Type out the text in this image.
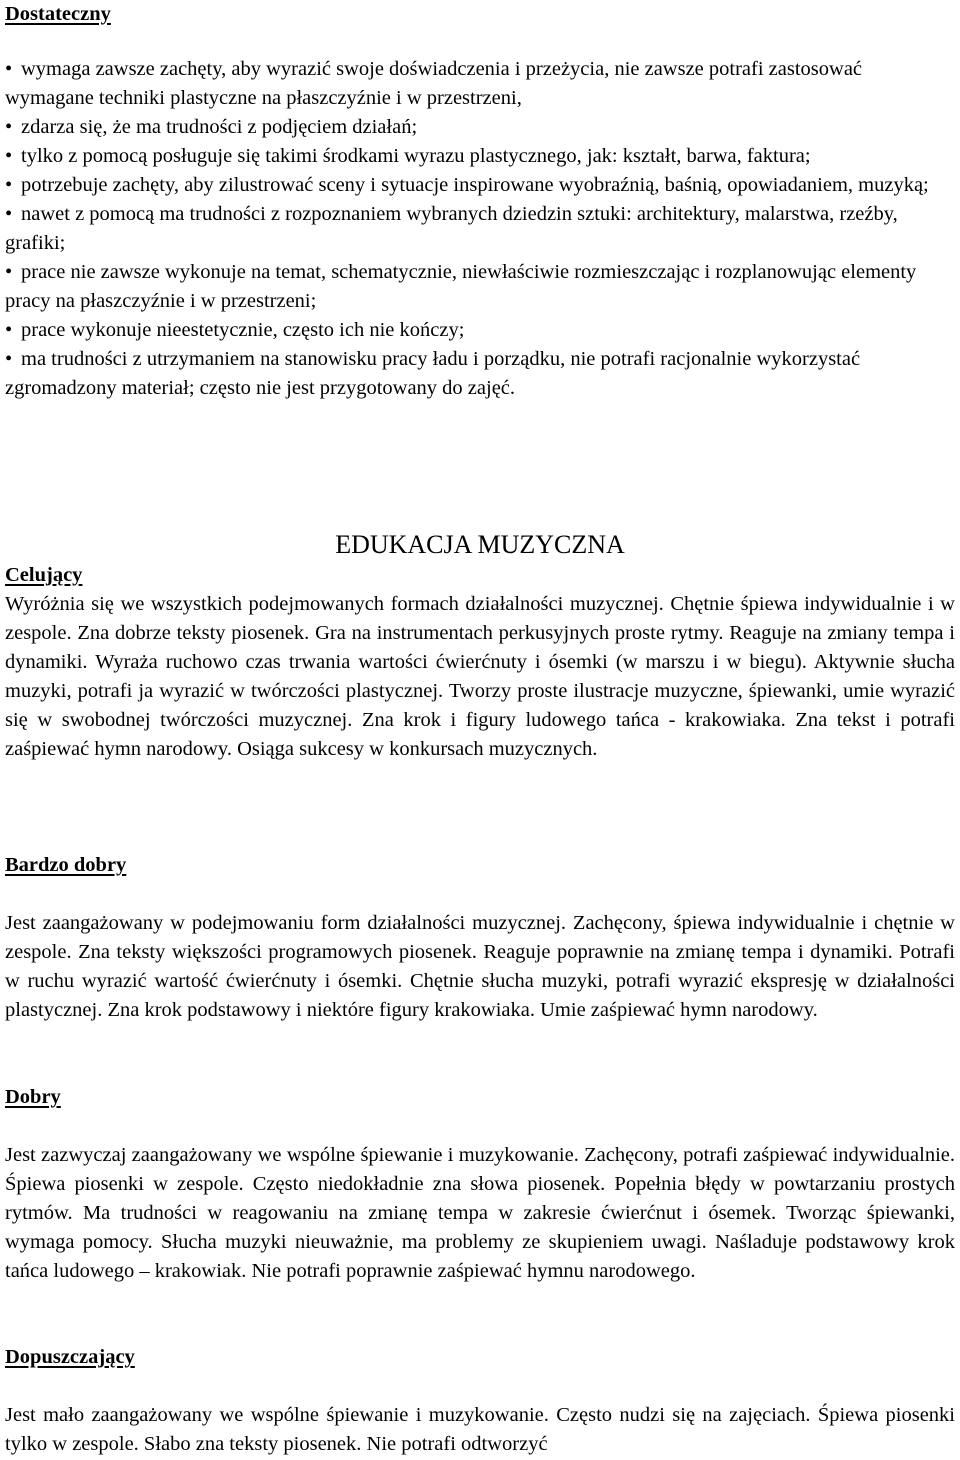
Dostateczny

• wymaga zawsze zachęty, aby wyrazić swoje doświadczenia i przeżycia, nie zawsze potrafi zastosować wymagane techniki plastyczne na płaszczyźnie i w przestrzeni,
• zdarza się, że ma trudności z podjęciem działań;
• tylko z pomocą posługuje się takimi środkami wyrazu plastycznego, jak: kształt, barwa, faktura;
• potrzebuje zachęty, aby zilustrować sceny i sytuacje inspirowane wyobraźnią, baśnią, opowiadaniem, muzyką;
• nawet z pomocą ma trudności z rozpoznaniem wybranych dziedzin sztuki: architektury, malarstwa, rzeźby, grafiki;
• prace nie zawsze wykonuje na temat, schematycznie, niewłaściwie rozmieszczając i rozplanowując elementy pracy na płaszczyźnie i w przestrzeni;
• prace wykonuje nieestetycznie, często ich nie kończy;
• ma trudności z utrzymaniem na stanowisku pracy ładu i porządku, nie potrafi racjonalnie wykorzystać zgromadzony materiał; często nie jest przygotowany do zajęć.
EDUKACJA MUZYCZNA

Celujący

Wyróżnia się we wszystkich podejmowanych formach działalności muzycznej. Chętnie śpiewa indywidualnie i w zespole. Zna dobrze teksty piosenek. Gra na instrumentach perkusyjnych proste rytmy. Reaguje na zmiany tempa i dynamiki. Wyraża ruchowo czas trwania wartości ćwierćnuty i ósemki (w marszu i w biegu). Aktywnie słucha muzyki, potrafi ja wyrazić w twórczości plastycznej. Tworzy proste ilustracje muzyczne, śpiewanki, umie wyrazić się w swobodnej twórczości muzycznej. Zna krok i figury ludowego tańca - krakowiaka. Zna tekst i potrafi zaśpiewać hymn narodowy. Osiąga sukcesy w konkursach muzycznych.

Bardzo dobry

Jest zaangażowany w podejmowaniu form działalności muzycznej. Zachęcony, śpiewa indywidualnie i chętnie w zespole. Zna teksty większości programowych piosenek. Reaguje poprawnie na zmianę tempa i dynamiki. Potrafi w ruchu wyrazić wartość ćwierćnuty i ósemki. Chętnie słucha muzyki, potrafi wyrazić ekspresję w działalności plastycznej. Zna krok podstawowy i niektóre figury krakowiaka. Umie zaśpiewać hymn narodowy.

Dobry

Jest zazwyczaj zaangażowany we wspólne śpiewanie i muzykowanie. Zachęcony, potrafi zaśpiewać indywidualnie. Śpiewa piosenki w zespole. Często niedokładnie zna słowa piosenek. Popełnia błędy w powtarzaniu prostych rytmów. Ma trudności w reagowaniu na zmianę tempa w zakresie ćwierćnut i ósemek. Tworząc śpiewanki, wymaga pomocy. Słucha muzyki nieuważnie, ma problemy ze skupieniem uwagi. Naśladuje podstawowy krok tańca ludowego – krakowiak. Nie potrafi poprawnie zaśpiewać hymnu narodowego.

Dopuszczający

Jest mało zaangażowany we wspólne śpiewanie i muzykowanie. Często nudzi się na zajęciach. Śpiewa piosenki tylko w zespole. Słabo zna teksty piosenek. Nie potrafi odtworzyć
